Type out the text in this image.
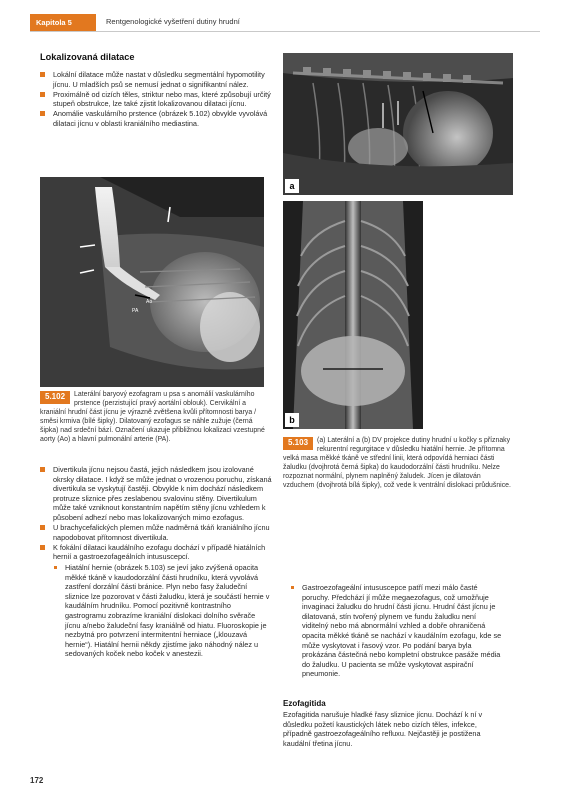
Kapitola 5	Rentgenologické vyšetření dutiny hrudní
Lokalizovaná dilatace
Lokální dilatace může nastat v důsledku segmentální hypomotility jícnu. U mladších psů se nemusí jednat o signifikantní nález.
Proximálně od cizích těles, striktur nebo mas, které způsobují určitý stupeň obstrukce, lze také zjistit lokalizovanou dilataci jícnu.
Anomálie vaskulárního prstence (obrázek 5.102) obvykle vyvolává dilataci jícnu v oblasti kraniálního mediastina.
Ao
PA
5.102	Laterální baryový ezofagram u psa s anomálií vaskulárního prstence (perzistující pravý aortální oblouk). Cervikální a kraniální hrudní část jícnu je výrazně zvětšena kvůli přítomnosti baryа / směsi krmiva (bílé šipky). Dilatovaný ezofagus se náhle zužuje (černá šipka) nad srdeční bází. Označení ukazuje přibližnou lokalizaci vzestupné aorty (Ao) a hlavní pulmonální arterie (PA).
Divertikula jícnu nejsou častá, jejich následkem jsou izolované okrsky dilatace. I když se může jednat o vrozenou poruchu, získaná divertikula se vyskytují častěji. Obvykle k nim dochází následkem protruze sliznice přes zeslabenou svalovinu stěny. Divertikulum může také vzniknout konstantním napětím stěny jícnu vzhledem k působení adhezí nebo mas lokalizovaných mimo ezofagus.
U brachycefalických plemen může nadměrná tkáň kraniálního jícnu napodobovat přítomnost divertikula.
K fokální dilataci kaudálního ezofagu dochází v případě hiatálních hernií a gastroezofageálních intususcepcí.
Hiatální hernie (obrázek 5.103) se jeví jako zvýšená opacita měkké tkáně v kaudodorzální části hrudníku, která vyvolává zastření dorzální části bránice. Plyn nebo fasy žaludeční sliznice lze pozorovat v části žaludku, která je součástí hernie v kaudálním hrudníku. Pomocí pozitivně kontrastního gastrogramu zobrazíme kraniální dislokaci dolního svěrače jícnu a/nebo žaludeční fasy kraniálně od hiatu. Fluoroskopie je nezbytná pro potvrzení intermitentní herniace („klouzavá hernie“). Hiatální hernii někdy zjistíme jako náhodný nález u sedovaných koček nebo koček v anestezii.
a
b
5.103	(a) Laterální a (b) DV projekce dutiny hrudní u kočky s příznaky rekurentní regurgitace v důsledku hiatální hernie. Je přítomna velká masa měkké tkáně ve střední linii, která odpovídá herniaci části žaludku (dvojhrotá černá šipka) do kaudodorzální části hrudníku. Nelze rozpoznat normální, plynem naplněný žaludek. Jícen je dilatován vzduchem (dvojhrotá bílá šipky), což vede k ventrální dislokaci průdušnice.
Gastroezofageální intususcepce patří mezi málo časté poruchy. Předchází jí může megaezofagus, což umožňuje invaginaci žaludku do hrudní části jícnu. Hrudní část jícnu je dilatovaná, stín tvořený plynem ve fundu žaludku není viditelný nebo má abnormální vzhled a dobře ohraničená opacita měkké tkáně se nachází v kaudálním ezofagu, kde se může vyskytovat i řasový vzor. Po podání barya byla prokázána částečná nebo kompletní obstrukce pasáže média do žaludku. U pacienta se může vyskytovat aspirační pneumonie.
Ezofagitida
Ezofagitida narušuje hladké řasy sliznice jícnu. Dochází k ní v důsledku požetí kaustických látek nebo cizích těles, infekce, případně gastroezofageálního refluxu. Nejčastěji je postižena kaudální třetina jícnu.
172
